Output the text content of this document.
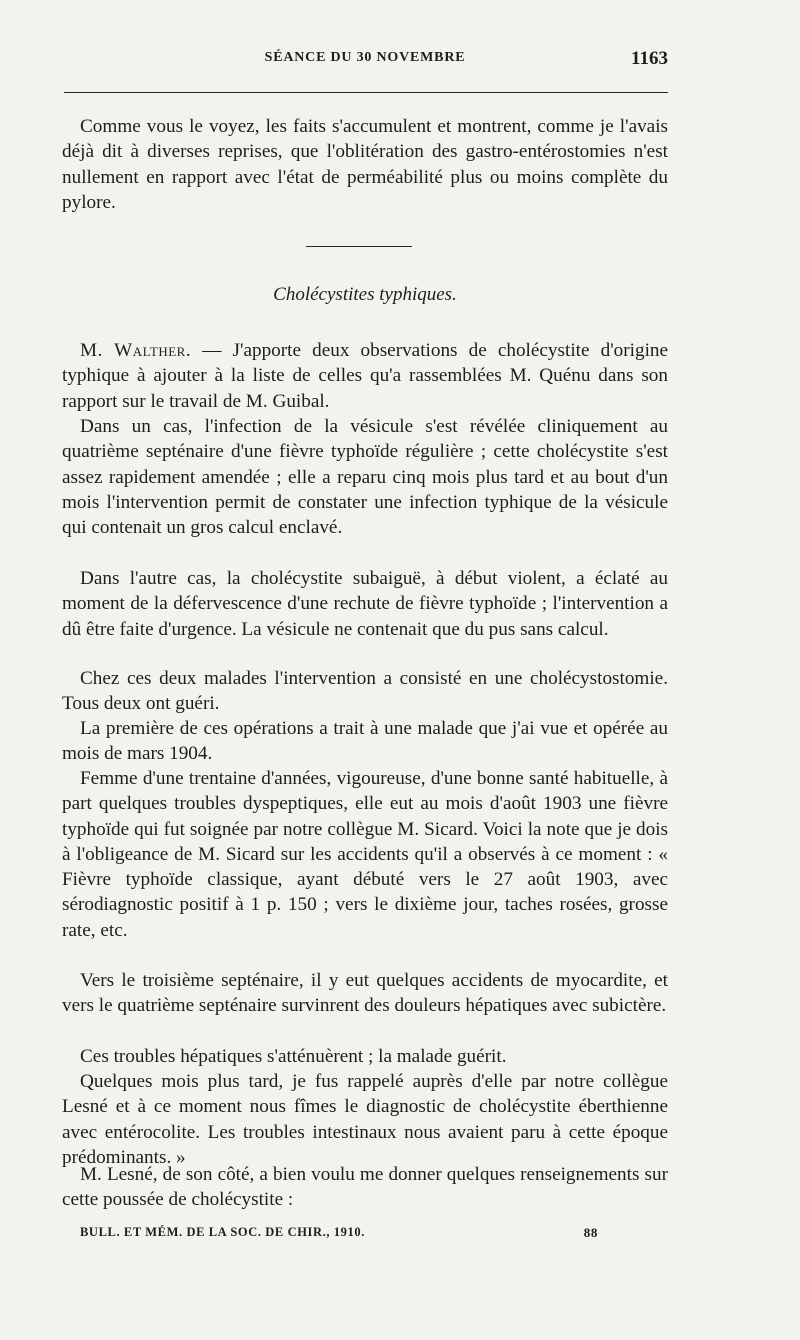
SÉANCE DU 30 NOVEMBRE	1163
Comme vous le voyez, les faits s'accumulent et montrent, comme je l'avais déjà dit à diverses reprises, que l'oblitération des gastro-entérostomies n'est nullement en rapport avec l'état de perméabilité plus ou moins complète du pylore.
Cholécystites typhiques.
M. Walther. — J'apporte deux observations de cholécystite d'origine typhique à ajouter à la liste de celles qu'a rassemblées M. Quénu dans son rapport sur le travail de M. Guibal.
Dans un cas, l'infection de la vésicule s'est révélée cliniquement au quatrième septénaire d'une fièvre typhoïde régulière ; cette cholécystite s'est assez rapidement amendée ; elle a reparu cinq mois plus tard et au bout d'un mois l'intervention permit de constater une infection typhique de la vésicule qui contenait un gros calcul enclavé.
Dans l'autre cas, la cholécystite subaiguë, à début violent, a éclaté au moment de la défervescence d'une rechute de fièvre typhoïde ; l'intervention a dû être faite d'urgence. La vésicule ne contenait que du pus sans calcul.
Chez ces deux malades l'intervention a consisté en une cholécystostomie. Tous deux ont guéri.
La première de ces opérations a trait à une malade que j'ai vue et opérée au mois de mars 1904.
Femme d'une trentaine d'années, vigoureuse, d'une bonne santé habituelle, à part quelques troubles dyspeptiques, elle eut au mois d'août 1903 une fièvre typhoïde qui fut soignée par notre collègue M. Sicard. Voici la note que je dois à l'obligeance de M. Sicard sur les accidents qu'il a observés à ce moment : « Fièvre typhoïde classique, ayant débuté vers le 27 août 1903, avec sérodiagnostic positif à 1 p. 150 ; vers le dixième jour, taches rosées, grosse rate, etc.
Vers le troisième septénaire, il y eut quelques accidents de myocardite, et vers le quatrième septénaire survinrent des douleurs hépatiques avec subictère.
Ces troubles hépatiques s'atténuèrent ; la malade guérit.
Quelques mois plus tard, je fus rappelé auprès d'elle par notre collègue Lesné et à ce moment nous fîmes le diagnostic de cholécystite éberthienne avec entérocolite. Les troubles intestinaux nous avaient paru à cette époque prédominants. »
M. Lesné, de son côté, a bien voulu me donner quelques renseignements sur cette poussée de cholécystite :
BULL. ET MÉM. DE LA SOC. DE CHIR., 1910.	88
